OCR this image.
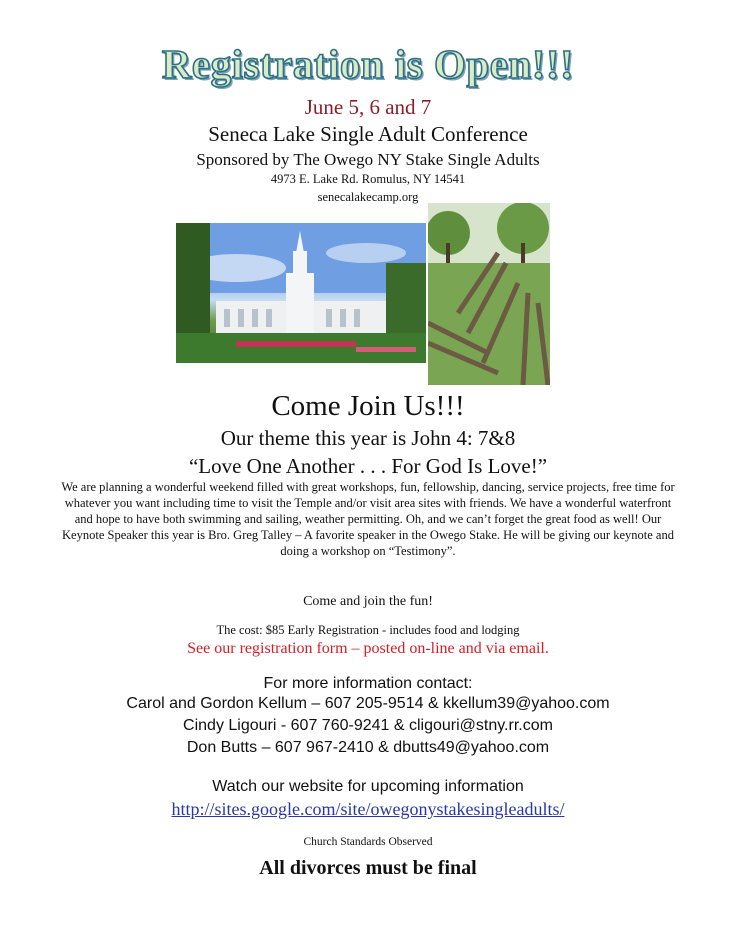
Registration is Open!!!
June 5, 6 and 7
Seneca Lake Single Adult Conference
Sponsored by The Owego NY Stake Single Adults
4973 E. Lake Rd. Romulus, NY 14541
senecalakecamp.org
Come Join Us!!!
Our theme this year is John 4: 7&8
“Love One Another . . . For God Is Love!”
We are planning a wonderful weekend filled with great workshops, fun, fellowship, dancing, service projects, free time for whatever you want including time to visit the Temple and/or visit area sites with friends. We have a wonderful waterfront and hope to have both swimming and sailing, weather permitting. Oh, and we can’t forget the great food as well! Our Keynote Speaker this year is Bro. Greg Talley – A favorite speaker in the Owego Stake. He will be giving our keynote and doing a workshop on “Testimony”.
Come and join the fun!
The cost: $85 Early Registration - includes food and lodging
See our registration form – posted on-line and via email.
For more information contact:
Carol and Gordon Kellum – 607 205-9514 & kkellum39@yahoo.com
Cindy Ligouri - 607 760-9241 & cligouri@stny.rr.com
Don Butts – 607 967-2410 & dbutts49@yahoo.com
Watch our website for upcoming information
http://sites.google.com/site/owegonystakesingleadults/
Church Standards Observed
All divorces must be final
